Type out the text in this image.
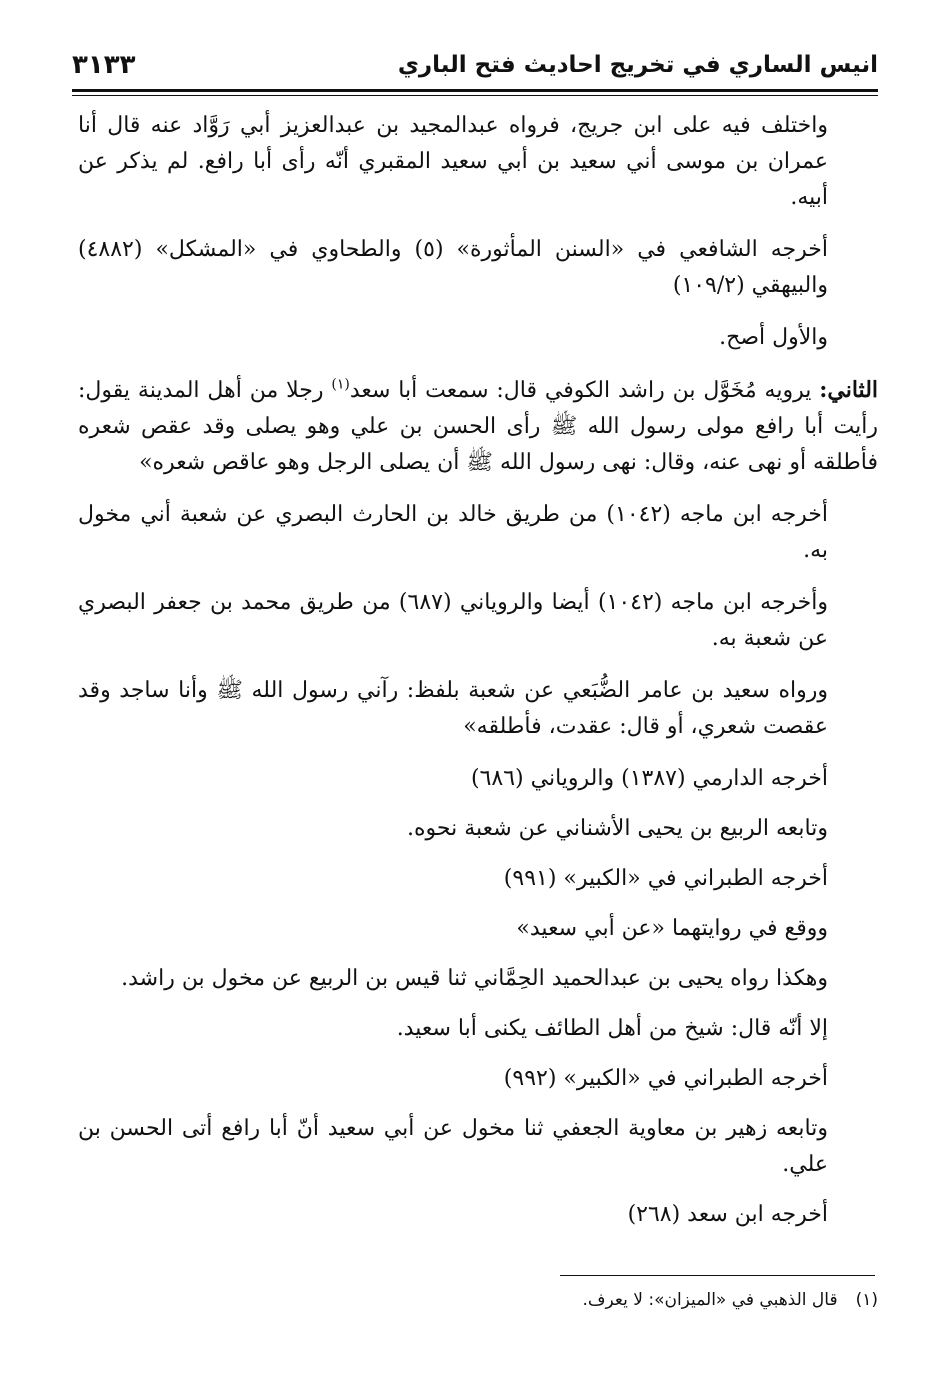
انيس الساري في تخريج احاديث فتح الباري
٣١٣٣

واختلف فيه على ابن جريج، فرواه عبدالمجيد بن عبدالعزيز أبي رَوَّاد عنه قال أنا عمران بن موسى أني سعيد بن أبي سعيد المقبري أنّه رأى أبا رافع. لم يذكر عن أبيه.

أخرجه الشافعي في «السنن المأثورة» (٥) والطحاوي في «المشكل» (٤٨٨٢) والبيهقي (١٠٩/٢)

والأول أصح.

الثاني: يرويه مُخَوَّل بن راشد الكوفي قال: سمعت أبا سعد$^{(١)}$ رجلا من أهل المدينة يقول: رأيت أبا رافع مولى رسول الله ﷺ رأى الحسن بن علي وهو يصلى وقد عقص شعره فأطلقه أو نهى عنه، وقال: نهى رسول الله ﷺ أن يصلى الرجل وهو عاقص شعره»

أخرجه ابن ماجه (١٠٤٢) من طريق خالد بن الحارث البصري عن شعبة أني مخول به.

وأخرجه ابن ماجه (١٠٤٢) أيضا والروياني (٦٨٧) من طريق محمد بن جعفر البصري عن شعبة به.

ورواه سعيد بن عامر الضُّبَعي عن شعبة بلفظ: رآني رسول الله ﷺ وأنا ساجد وقد عقصت شعري، أو قال: عقدت، فأطلقه»

أخرجه الدارمي (١٣٨٧) والروياني (٦٨٦)

وتابعه الربيع بن يحيى الأشناني عن شعبة نحوه.

أخرجه الطبراني في «الكبير» (٩٩١)

ووقع في روايتهما «عن أبي سعيد»

وهكذا رواه يحيى بن عبدالحميد الحِمَّاني ثنا قيس بن الربيع عن مخول بن راشد.

إلا أنّه قال: شيخ من أهل الطائف يكنى أبا سعيد.

أخرجه الطبراني في «الكبير» (٩٩٢)

وتابعه زهير بن معاوية الجعفي ثنا مخول عن أبي سعيد أنّ أبا رافع أتى الحسن بن علي.

أخرجه ابن سعد (٢٦٨)

(١)قال الذهبي في «الميزان»: لا يعرف.
